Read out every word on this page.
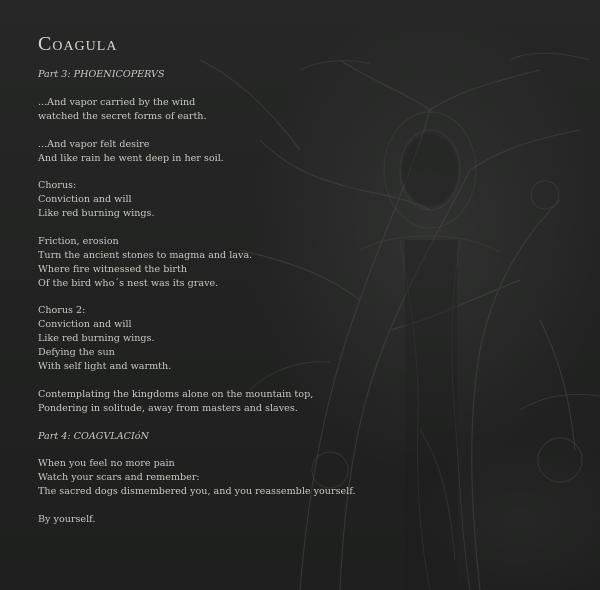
Coagula
Part 3: PHOENICOPERVS
...And vapor carried by the wind
watched the secret forms of earth.
...And vapor felt desire
And like rain he went deep in her soil.
Chorus:
Conviction and will
Like red burning wings.
Friction, erosion
Turn the ancient stones to magma and lava.
Where fire witnessed the birth
Of the bird who´s nest was its grave.
Chorus 2:
Conviction and will
Like red burning wings.
Defying the sun
With self light and warmth.
Contemplating the kingdoms alone on the mountain top,
Pondering in solitude, away from masters and slaves.
Part 4: COAGVLACIóN
When you feel no more pain
Watch your scars and remember:
The sacred dogs dismembered you, and you reassemble yourself.
By yourself.
